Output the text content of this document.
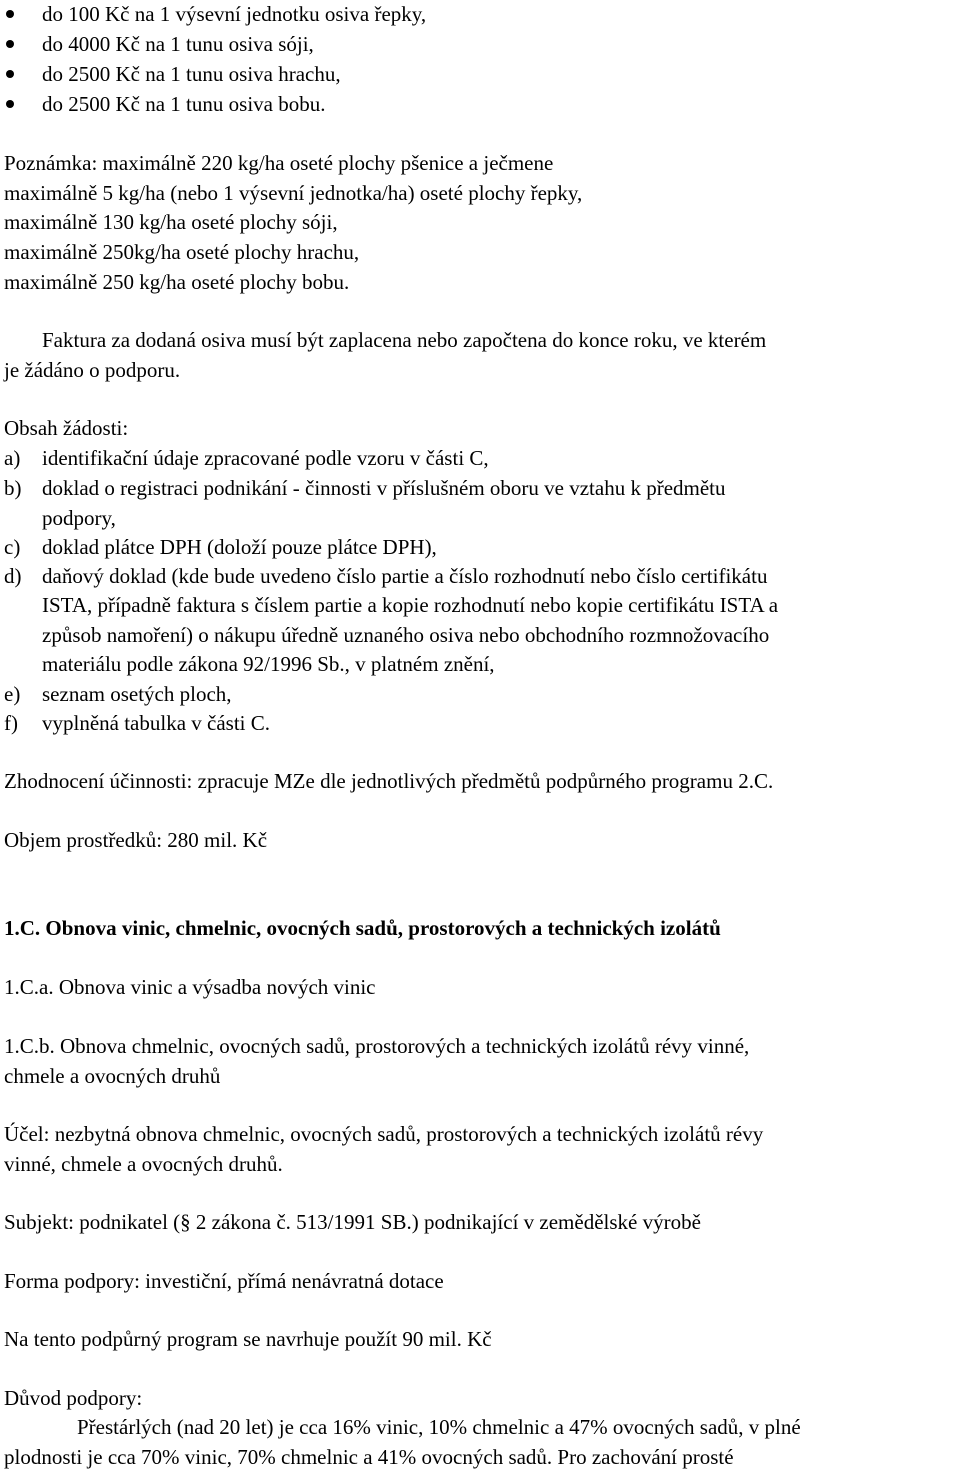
do 100 Kč na 1 výsevní jednotku osiva řepky,
do 4000 Kč na 1 tunu osiva sóji,
do 2500 Kč na 1 tunu osiva hrachu,
do 2500 Kč na 1 tunu osiva bobu.
Poznámka: maximálně 220 kg/ha oseté plochy pšenice a ječmene
maximálně 5 kg/ha (nebo 1 výsevní jednotka/ha) oseté plochy řepky,
maximálně 130 kg/ha oseté plochy sóji,
maximálně 250kg/ha oseté plochy hrachu,
maximálně 250 kg/ha oseté plochy bobu.
Faktura za dodaná osiva musí být zaplacena nebo započtena do konce roku, ve kterém
je žádáno o podporu.
Obsah žádosti:
a) identifikační údaje zpracované podle vzoru v části C,
b) doklad o registraci podnikání - činnosti v příslušném oboru ve vztahu k předmětu
podpory,
c) doklad plátce DPH (doloží pouze plátce DPH),
d) daňový doklad (kde bude uvedeno číslo partie a číslo rozhodnutí nebo číslo certifikátu
ISTA, případně faktura s číslem partie a kopie rozhodnutí nebo kopie certifikátu ISTA a
způsob namoření) o nákupu úředně uznaného osiva nebo obchodního rozmnožovacího
materiálu podle zákona 92/1996 Sb., v platném znění,
e) seznam osetých ploch,
f) vyplněná tabulka v části C.
Zhodnocení účinnosti: zpracuje MZe dle jednotlivých předmětů podpůrného programu 2.C.
Objem prostředků: 280 mil. Kč
1.C. Obnova vinic, chmelnic, ovocných sadů, prostorových a technických izolátů
1.C.a. Obnova vinic a výsadba nových vinic
1.C.b. Obnova chmelnic, ovocných sadů, prostorových a technických izolátů révy vinné,
chmele a ovocných druhů
Účel: nezbytná obnova chmelnic, ovocných sadů, prostorových a technických izolátů révy
vinné, chmele a ovocných druhů.
Subjekt: podnikatel (§ 2 zákona č. 513/1991 SB.) podnikající v zemědělské výrobě
Forma podpory: investiční, přímá nenávratná dotace
Na tento podpůrný program se navrhuje použít 90 mil. Kč
Důvod podpory:
Přestárlých (nad 20 let) je cca 16% vinic, 10% chmelnic a 47% ovocných sadů, v plné
plodnosti je cca 70% vinic, 70% chmelnic a 41% ovocných sadů. Pro zachování prosté
